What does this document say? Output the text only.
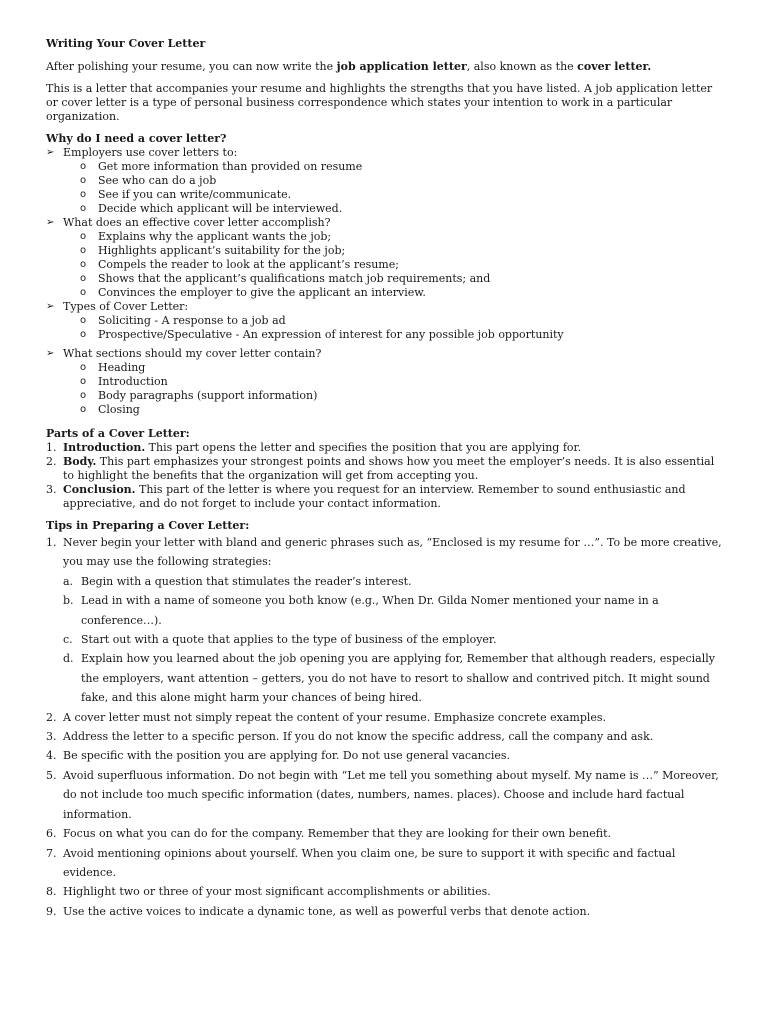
Writing Your Cover Letter

After polishing your resume, you can now write the job application letter, also known as the cover letter.

This is a letter that accompanies your resume and highlights the strengths that you have listed. A job application letter or cover letter is a type of personal business correspondence which states your intention to work in a particular organization.

Why do I need a cover letter?

➢ Employers use cover letters to:
o Get more information than provided on resume
o See who can do a job
o See if you can write/communicate.
o Decide which applicant will be interviewed.
➢ What does an effective cover letter accomplish?
o Explains why the applicant wants the job;
o Highlights applicant’s suitability for the job;
o Compels the reader to look at the applicant’s resume;
o Shows that the applicant’s qualifications match job requirements; and
o Convinces the employer to give the applicant an interview.
➢ Types of Cover Letter:
o Soliciting - A response to a job ad
o Prospective/Speculative - An expression of interest for any possible job opportunity
➢ What sections should my cover letter contain?
o Heading
o Introduction
o Body paragraphs (support information)
o Closing

Parts of a Cover Letter:

1. Introduction. This part opens the letter and specifies the position that you are applying for.
2. Body. This part emphasizes your strongest points and shows how you meet the employer’s needs. It is also essential to highlight the benefits that the organization will get from accepting you.
3. Conclusion. This part of the letter is where you request for an interview. Remember to sound enthusiastic and appreciative, and do not forget to include your contact information.

Tips in Preparing a Cover Letter:

1. Never begin your letter with bland and generic phrases such as, “Enclosed is my resume for …”. To be more creative, you may use the following strategies:
a. Begin with a question that stimulates the reader’s interest.
b. Lead in with a name of someone you both know (e.g., When Dr. Gilda Nomer mentioned your name in a conference…).
c. Start out with a quote that applies to the type of business of the employer.
d. Explain how you learned about the job opening you are applying for, Remember that although readers, especially the employers, want attention – getters, you do not have to resort to shallow and contrived pitch. It might sound fake, and this alone might harm your chances of being hired.
2. A cover letter must not simply repeat the content of your resume. Emphasize concrete examples.
3. Address the letter to a specific person. If you do not know the specific address, call the company and ask.
4. Be specific with the position you are applying for. Do not use general vacancies.
5. Avoid superfluous information. Do not begin with “Let me tell you something about myself. My name is …” Moreover, do not include too much specific information (dates, numbers, names. places). Choose and include hard factual information.
6. Focus on what you can do for the company. Remember that they are looking for their own benefit.
7. Avoid mentioning opinions about yourself. When you claim one, be sure to support it with specific and factual evidence.
8. Highlight two or three of your most significant accomplishments or abilities.
9. Use the active voices to indicate a dynamic tone, as well as powerful verbs that denote action.
